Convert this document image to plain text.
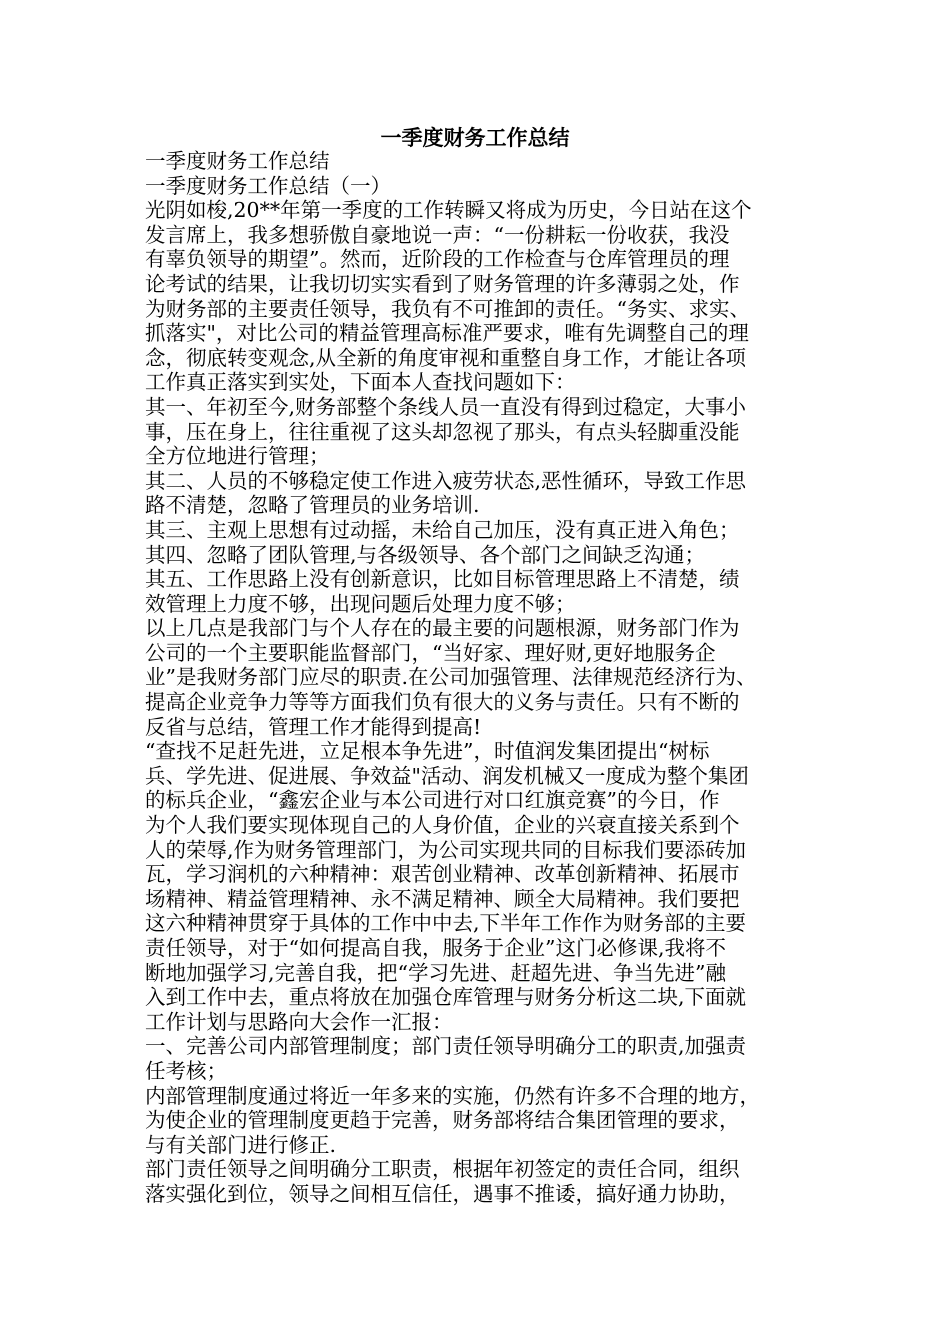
一季度财务工作总结
一季度财务工作总结
一季度财务工作总结（一）
光阴如梭,20**年第一季度的工作转瞬又将成为历史，今日站在这个
发言席上，我多想骄傲自豪地说一声：“一份耕耘一份收获，我没
有辜负领导的期望”。然而，近阶段的工作检查与仓库管理员的理
论考试的结果，让我切切实实看到了财务管理的许多薄弱之处，作
为财务部的主要责任领导，我负有不可推卸的责任。“务实、求实、
抓落实"，对比公司的精益管理高标准严要求，唯有先调整自己的理
念，彻底转变观念,从全新的角度审视和重整自身工作，才能让各项
工作真正落实到实处，下面本人查找问题如下：
其一、年初至今,财务部整个条线人员一直没有得到过稳定，大事小
事，压在身上，往往重视了这头却忽视了那头，有点头轻脚重没能
全方位地进行管理；
其二、人员的不够稳定使工作进入疲劳状态,恶性循环，导致工作思
路不清楚，忽略了管理员的业务培训.
其三、主观上思想有过动摇，未给自己加压，没有真正进入角色；
其四、忽略了团队管理,与各级领导、各个部门之间缺乏沟通；
其五、工作思路上没有创新意识，比如目标管理思路上不清楚，绩
效管理上力度不够，出现问题后处理力度不够；
以上几点是我部门与个人存在的最主要的问题根源，财务部门作为
公司的一个主要职能监督部门，“当好家、理好财,更好地服务企
业”是我财务部门应尽的职责.在公司加强管理、法律规范经济行为、
提高企业竞争力等等方面我们负有很大的义务与责任。只有不断的
反省与总结，管理工作才能得到提高!
“查找不足赶先进，立足根本争先进”，时值润发集团提出“树标
兵、学先进、促进展、争效益"活动、润发机械又一度成为整个集团
的标兵企业，“鑫宏企业与本公司进行对口红旗竞赛”的今日，作
为个人我们要实现体现自己的人身价值，企业的兴衰直接关系到个
人的荣辱,作为财务管理部门，为公司实现共同的目标我们要添砖加
瓦，学习润机的六种精神：艰苦创业精神、改革创新精神、拓展市
场精神、精益管理精神、永不满足精神、顾全大局精神。我们要把
这六种精神贯穿于具体的工作中中去,下半年工作作为财务部的主要
责任领导，对于“如何提高自我，服务于企业”这门必修课,我将不
断地加强学习,完善自我，把“学习先进、赶超先进、争当先进”融
入到工作中去，重点将放在加强仓库管理与财务分析这二块,下面就
工作计划与思路向大会作一汇报：
一、完善公司内部管理制度；部门责任领导明确分工的职责,加强责
任考核；
内部管理制度通过将近一年多来的实施，仍然有许多不合理的地方，
为使企业的管理制度更趋于完善，财务部将结合集团管理的要求，
与有关部门进行修正.
部门责任领导之间明确分工职责，根据年初签定的责任合同，组织
落实强化到位，领导之间相互信任，遇事不推诿，搞好通力协助，
